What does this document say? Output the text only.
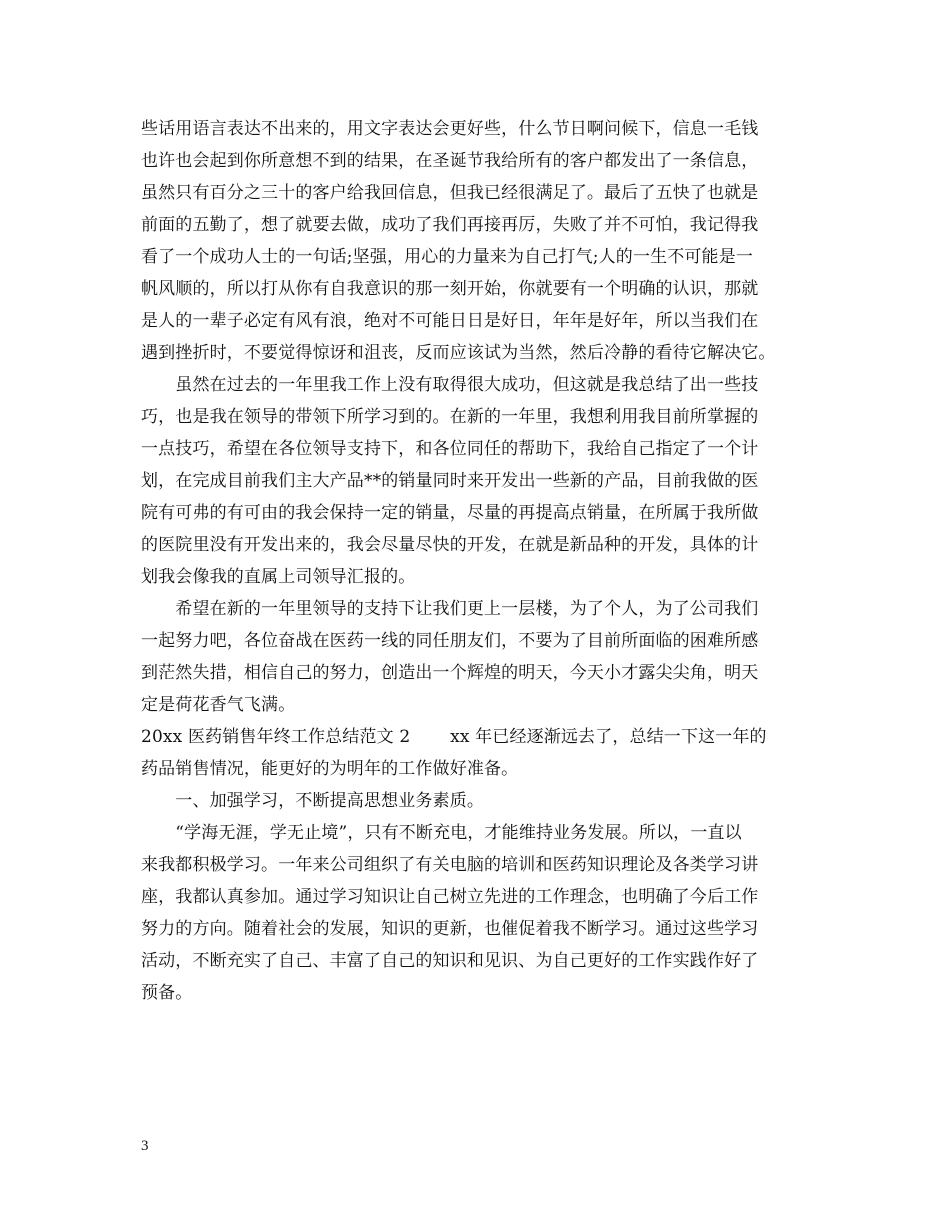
些话用语言表达不出来的，用文字表达会更好些，什么节日啊问候下，信息一毛钱
也许也会起到你所意想不到的结果，在圣诞节我给所有的客户都发出了一条信息，
虽然只有百分之三十的客户给我回信息，但我已经很满足了。最后了五快了也就是
前面的五勤了，想了就要去做，成功了我们再接再厉，失败了并不可怕，我记得我
看了一个成功人士的一句话;坚强，用心的力量来为自己打气;人的一生不可能是一
帆风顺的，所以打从你有自我意识的那一刻开始，你就要有一个明确的认识，那就
是人的一辈子必定有风有浪，绝对不可能日日是好日，年年是好年，所以当我们在
遇到挫折时，不要觉得惊讶和沮丧，反而应该试为当然，然后冷静的看待它解决它。
　　虽然在过去的一年里我工作上没有取得很大成功，但这就是我总结了出一些技
巧，也是我在领导的带领下所学习到的。在新的一年里，我想利用我目前所掌握的
一点技巧，希望在各位领导支持下，和各位同任的帮助下，我给自己指定了一个计
划，在完成目前我们主大产品**的销量同时来开发出一些新的产品，目前我做的医
院有可弗的有可由的我会保持一定的销量，尽量的再提高点销量，在所属于我所做
的医院里没有开发出来的，我会尽量尽快的开发，在就是新品种的开发，具体的计
划我会像我的直属上司领导汇报的。
　　希望在新的一年里领导的支持下让我们更上一层楼，为了个人，为了公司我们
一起努力吧，各位奋战在医药一线的同任朋友们，不要为了目前所面临的困难所感
到茫然失措，相信自己的努力，创造出一个辉煌的明天，今天小才露尖尖角，明天
定是荷花香气飞满。
20xx 医药销售年终工作总结范文 2　　 xx 年已经逐渐远去了，总结一下这一年的
药品销售情况，能更好的为明年的工作做好准备。
　　一、加强学习，不断提高思想业务素质。
　　“学海无涯，学无止境”，只有不断充电，才能维持业务发展。所以，一直以
来我都积极学习。一年来公司组织了有关电脑的培训和医药知识理论及各类学习讲
座，我都认真参加。通过学习知识让自己树立先进的工作理念，也明确了今后工作
努力的方向。随着社会的发展，知识的更新，也催促着我不断学习。通过这些学习
活动，不断充实了自己、丰富了自己的知识和见识、为自己更好的工作实践作好了
预备。
3
